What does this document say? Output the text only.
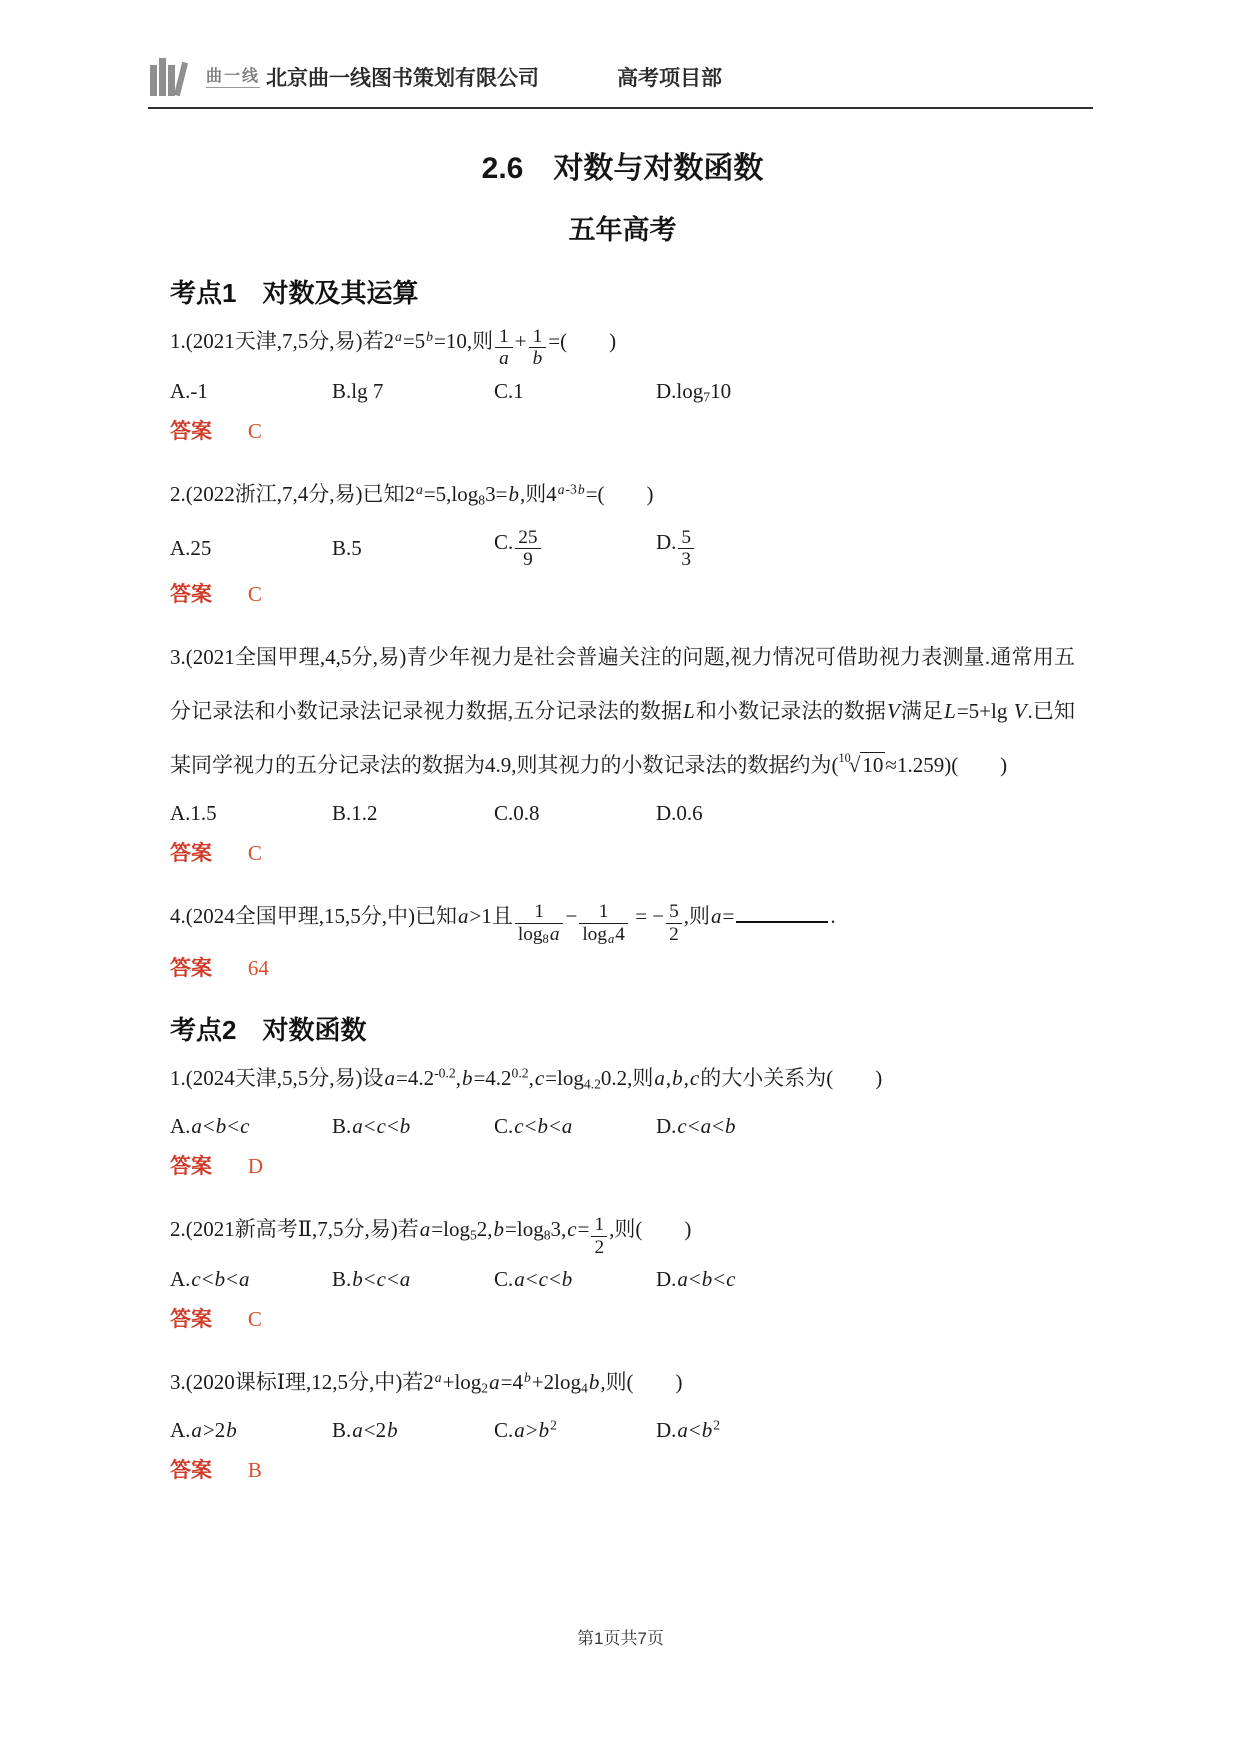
曲一线 北京曲一线图书策划有限公司	高考项目部
2.6　对数与对数函数
五年高考
考点1　对数及其运算
1.(2021天津,7,5分,易)若$2^a=5^b=10$,则 $\frac{1}{a} + \frac{1}{b}$ =(　　)
A.-1	B.lg 7	C.1	$D.\log_710$
答案 C
2.(2022浙江,7,4分,易)已知$2^a=5,\log_83=b$,则$4^{a-3b}=$(　　)
A.25	B.5	C. $\frac{25}{9}$	D. $\frac{5}{3}$
答案 C
3.(2021全国甲理,4,5分,易)青少年视力是社会普遍关注的问题,视力情况可借助视力表测量.通常用五分记录法和小数记录法记录视力数据,五分记录法的数据L和小数记录法的数据V满足L=5+lg V.已知某同学视力的五分记录法的数据为4.9,则其视力的小数记录法的数据约为($^{10}$√10≈1.259)(　　)
A.1.5	B.1.2	C.0.8	D.0.6
答案 C
4.(2024全国甲理,15,5分,中)已知a>1且 $\frac{1}{\log_8a} - \frac{1}{\log_a4}$ = − $\frac{5}{2}$ ,则a=	.
答案 64
考点2　对数函数
1.(2024天津,5,5分,易)设$a=4.2^{-0.2},b=4.2^{0.2},c=\log_{4.2}0.2$,则a,b,c的大小关系为(　　)
A.a<b<c	B.a<c<b	C.c<b<a	D.c<a<b
答案 D
2.(2021新高考Ⅱ,7,5分,易)若$a=\log_52,b=\log_83,c= \frac{1}{2}$ ,则(　　)
A.c<b<a	B.b<c<a	C.a<c<b	D.a<b<c
答案 C
3.(2020课标Ⅰ理,12,5分,中)若$2^a+\log_2a=4^b+2\log_4b$,则(　　)
A.a>2b	B.a<2b	$C.a>b^2$	$D.a<b^2$
答案 B
第1页共7页
